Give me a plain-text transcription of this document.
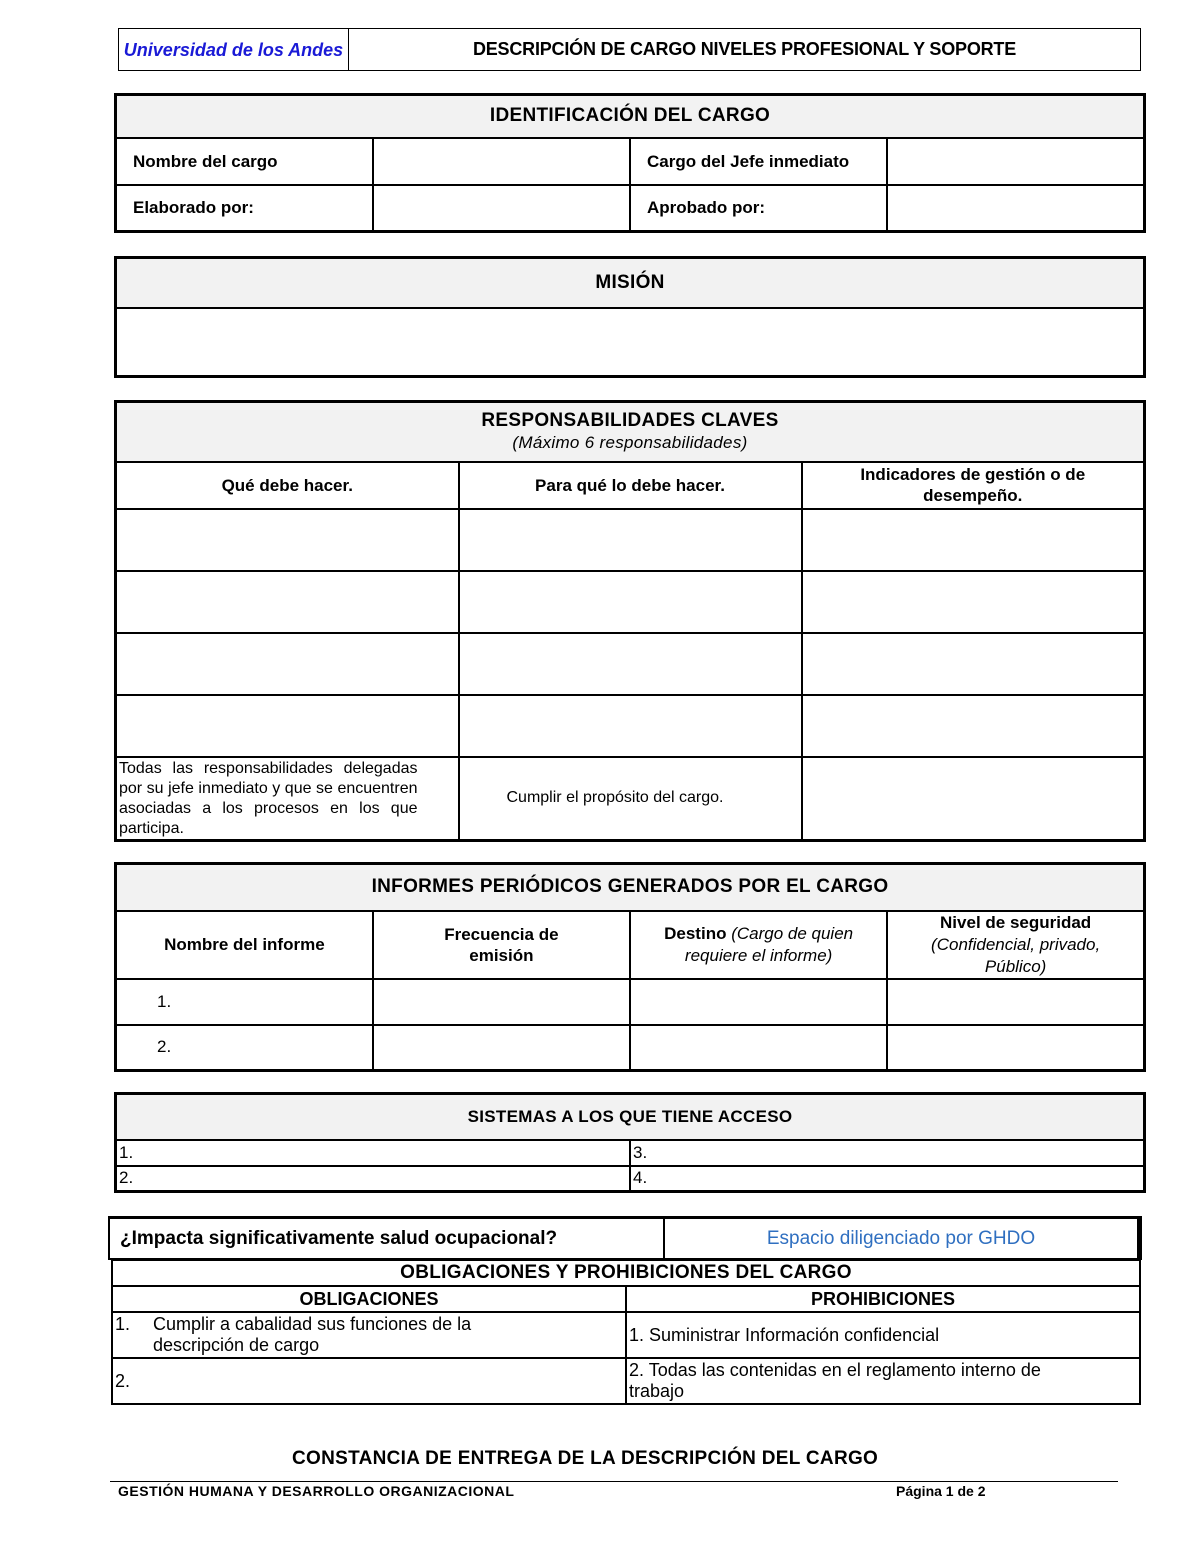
Universidad de los Andes	DESCRIPCIÓN DE CARGO NIVELES PROFESIONAL Y SOPORTE
IDENTIFICACIÓN DEL CARGO			
Nombre del cargo		Cargo del Jefe inmediato	
Elaborado por:		Aprobado por:	
MISIÓN

RESPONSABILIDADES CLAVES
(Máximo 6 responsabilidades)		

Qué debe hacer.	Para qué lo debe hacer.	Indicadores de gestión o de desempeño.

Todas las responsabilidades delegadas por su jefe inmediato y que se encuentren asociadas a los procesos en los que participa.	Cumplir el propósito del cargo.	
INFORMES PERIÓDICOS GENERADOS POR EL CARGO			
Nombre del informe	Frecuencia de emisión	Destino (Cargo de quien requiere el informe)	Nivel de seguridad
(Confidencial, privado, Público)
1.			
2.			
SISTEMAS A LOS QUE TIENE ACCESO	
1.	3.
2.	4.
¿Impacta significativamente salud ocupacional?	Espacio diligenciado por GHDO
OBLIGACIONES Y PROHIBICIONES DEL CARGO	
OBLIGACIONES	PROHIBICIONES

1. Cumplir a cabalidad sus funciones de la descripción de cargo	1. Suministrar Información confidencial
2.	2. Todas las contenidas en el reglamento interno de trabajo
CONSTANCIA DE ENTREGA DE LA DESCRIPCIÓN DEL CARGO
GESTIÓN HUMANA Y DESARROLLO ORGANIZACIONAL	Página 1 de 2
